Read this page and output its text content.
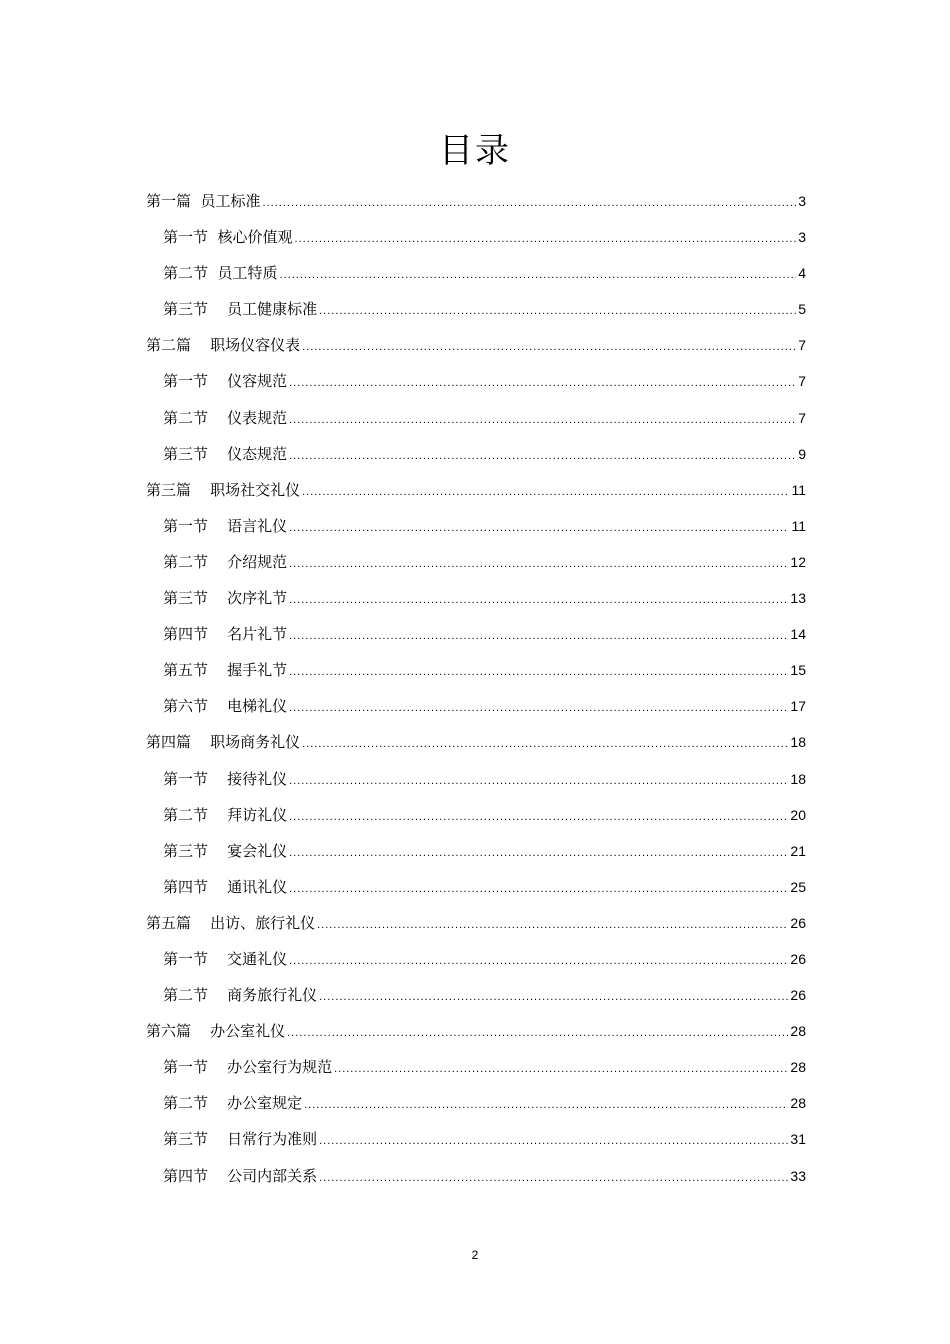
目录
第一篇  员工标准 .....	3
第一节  核心价值观 .....	3
第二节  员工特质 .....	4
第三节    员工健康标准 .....	5
第二篇    职场仪容仪表 .....	7
第一节    仪容规范 .....	7
第二节    仪表规范 .....	7
第三节    仪态规范 .....	9
第三篇    职场社交礼仪 .....	11
第一节    语言礼仪 .....	11
第二节    介绍规范 .....	12
第三节    次序礼节 .....	13
第四节    名片礼节 .....	14
第五节    握手礼节 .....	15
第六节    电梯礼仪 .....	17
第四篇    职场商务礼仪 .....	18
第一节    接待礼仪 .....	18
第二节    拜访礼仪 .....	20
第三节    宴会礼仪 .....	21
第四节    通讯礼仪 .....	25
第五篇    出访、旅行礼仪 .....	26
第一节    交通礼仪 .....	26
第二节    商务旅行礼仪 .....	26
第六篇    办公室礼仪 .....	28
第一节    办公室行为规范 .....	28
第二节    办公室规定 .....	28
第三节    日常行为准则 .....	31
第四节    公司内部关系 .....	33
2
